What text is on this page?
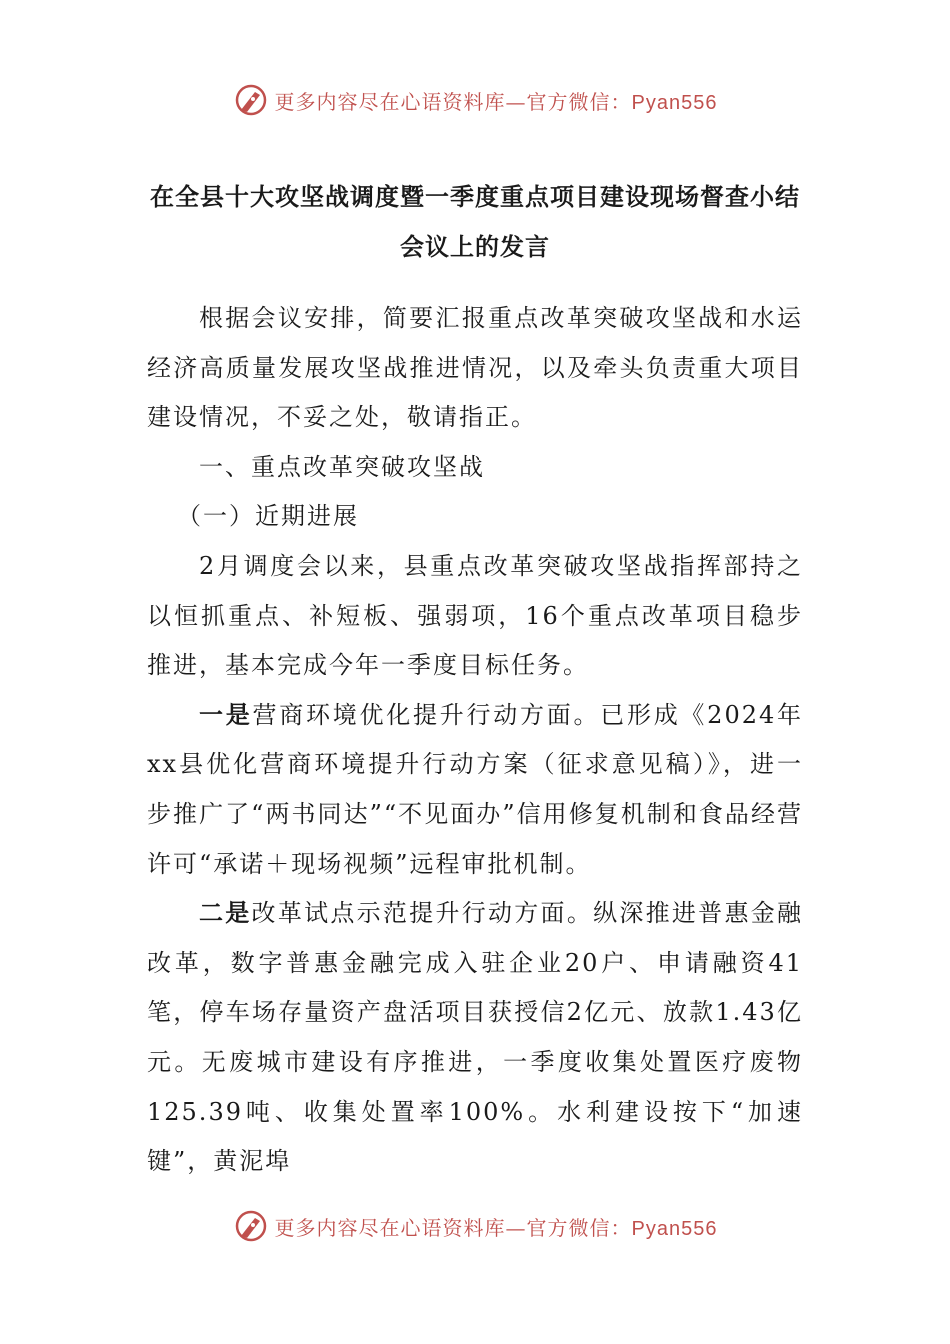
更多内容尽在心语资料库—官方微信：Pyan556
在全县十大攻坚战调度暨一季度重点项目建设现场督查小结会议上的发言

根据会议安排，简要汇报重点改革突破攻坚战和水运经济高质量发展攻坚战推进情况，以及牵头负责重大项目建设情况，不妥之处，敬请指正。

一、重点改革突破攻坚战

（一）近期进展

2月调度会以来，县重点改革突破攻坚战指挥部持之以恒抓重点、补短板、强弱项，16个重点改革项目稳步推进，基本完成今年一季度目标任务。

一是营商环境优化提升行动方面。已形成《2024年xx县优化营商环境提升行动方案（征求意见稿）》，进一步推广了“两书同达”“不见面办”信用修复机制和食品经营许可“承诺＋现场视频”远程审批机制。

二是改革试点示范提升行动方面。纵深推进普惠金融改革，数字普惠金融完成入驻企业20户、申请融资41笔，停车场存量资产盘活项目获授信2亿元、放款1.43亿元。无废城市建设有序推进，一季度收集处置医疗废物125.39吨、收集处置率100%。水利建设按下“加速键”，黄泥埠

更多内容尽在心语资料库—官方微信：Pyan556
